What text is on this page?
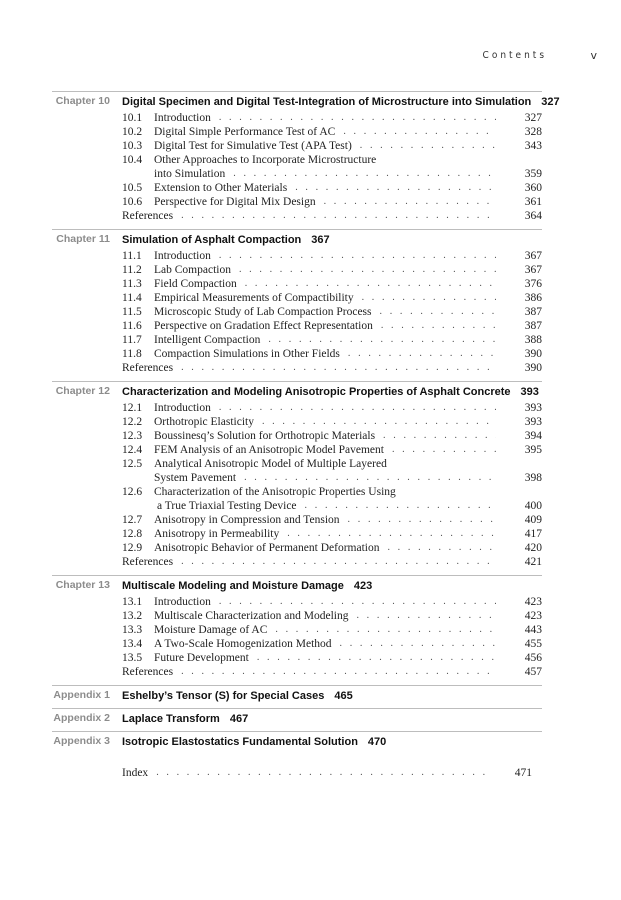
Contents	v
Chapter 10 Digital Specimen and Digital Test-Integration of Microstructure into Simulation 327
10.1 Introduction . . .	327
10.2 Digital Simple Performance Test of AC . . .	328
10.3 Digital Test for Simulative Test (APA Test) . . .	343
10.4 Other Approaches to Incorporate Microstructure
into Simulation . . .	359
10.5 Extension to Other Materials . . .	360
10.6 Perspective for Digital Mix Design . . .	361
References . . .	364
Chapter 11 Simulation of Asphalt Compaction 367
11.1 Introduction . . .	367
11.2 Lab Compaction . . .	367
11.3 Field Compaction . . .	376
11.4 Empirical Measurements of Compactibility . . .	386
11.5 Microscopic Study of Lab Compaction Process . . .	387
11.6 Perspective on Gradation Effect Representation . . .	387
11.7 Intelligent Compaction . . .	388
11.8 Compaction Simulations in Other Fields . . .	390
References . . .	390
Chapter 12 Characterization and Modeling Anisotropic Properties of Asphalt Concrete 393
12.1 Introduction . . .	393
12.2 Orthotropic Elasticity . . .	393
12.3 Boussinesq’s Solution for Orthotropic Materials . . .	394
12.4 FEM Analysis of an Anisotropic Model Pavement . . .	395
12.5 Analytical Anisotropic Model of Multiple Layered
System Pavement . . .	398
12.6 Characterization of the Anisotropic Properties Using
a True Triaxial Testing Device . . .	400
12.7 Anisotropy in Compression and Tension . . .	409
12.8 Anisotropy in Permeability . . .	417
12.9 Anisotropic Behavior of Permanent Deformation . . .	420
References . . .	421
Chapter 13 Multiscale Modeling and Moisture Damage 423
13.1 Introduction . . .	423
13.2 Multiscale Characterization and Modeling . . .	423
13.3 Moisture Damage of AC . . .	443
13.4 A Two-Scale Homogenization Method . . .	455
13.5 Future Development . . .	456
References . . .	457
Appendix 1 Eshelby’s Tensor (S) for Special Cases 465
Appendix 2 Laplace Transform 467
Appendix 3 Isotropic Elastostatics Fundamental Solution 470
Index . . .	471
